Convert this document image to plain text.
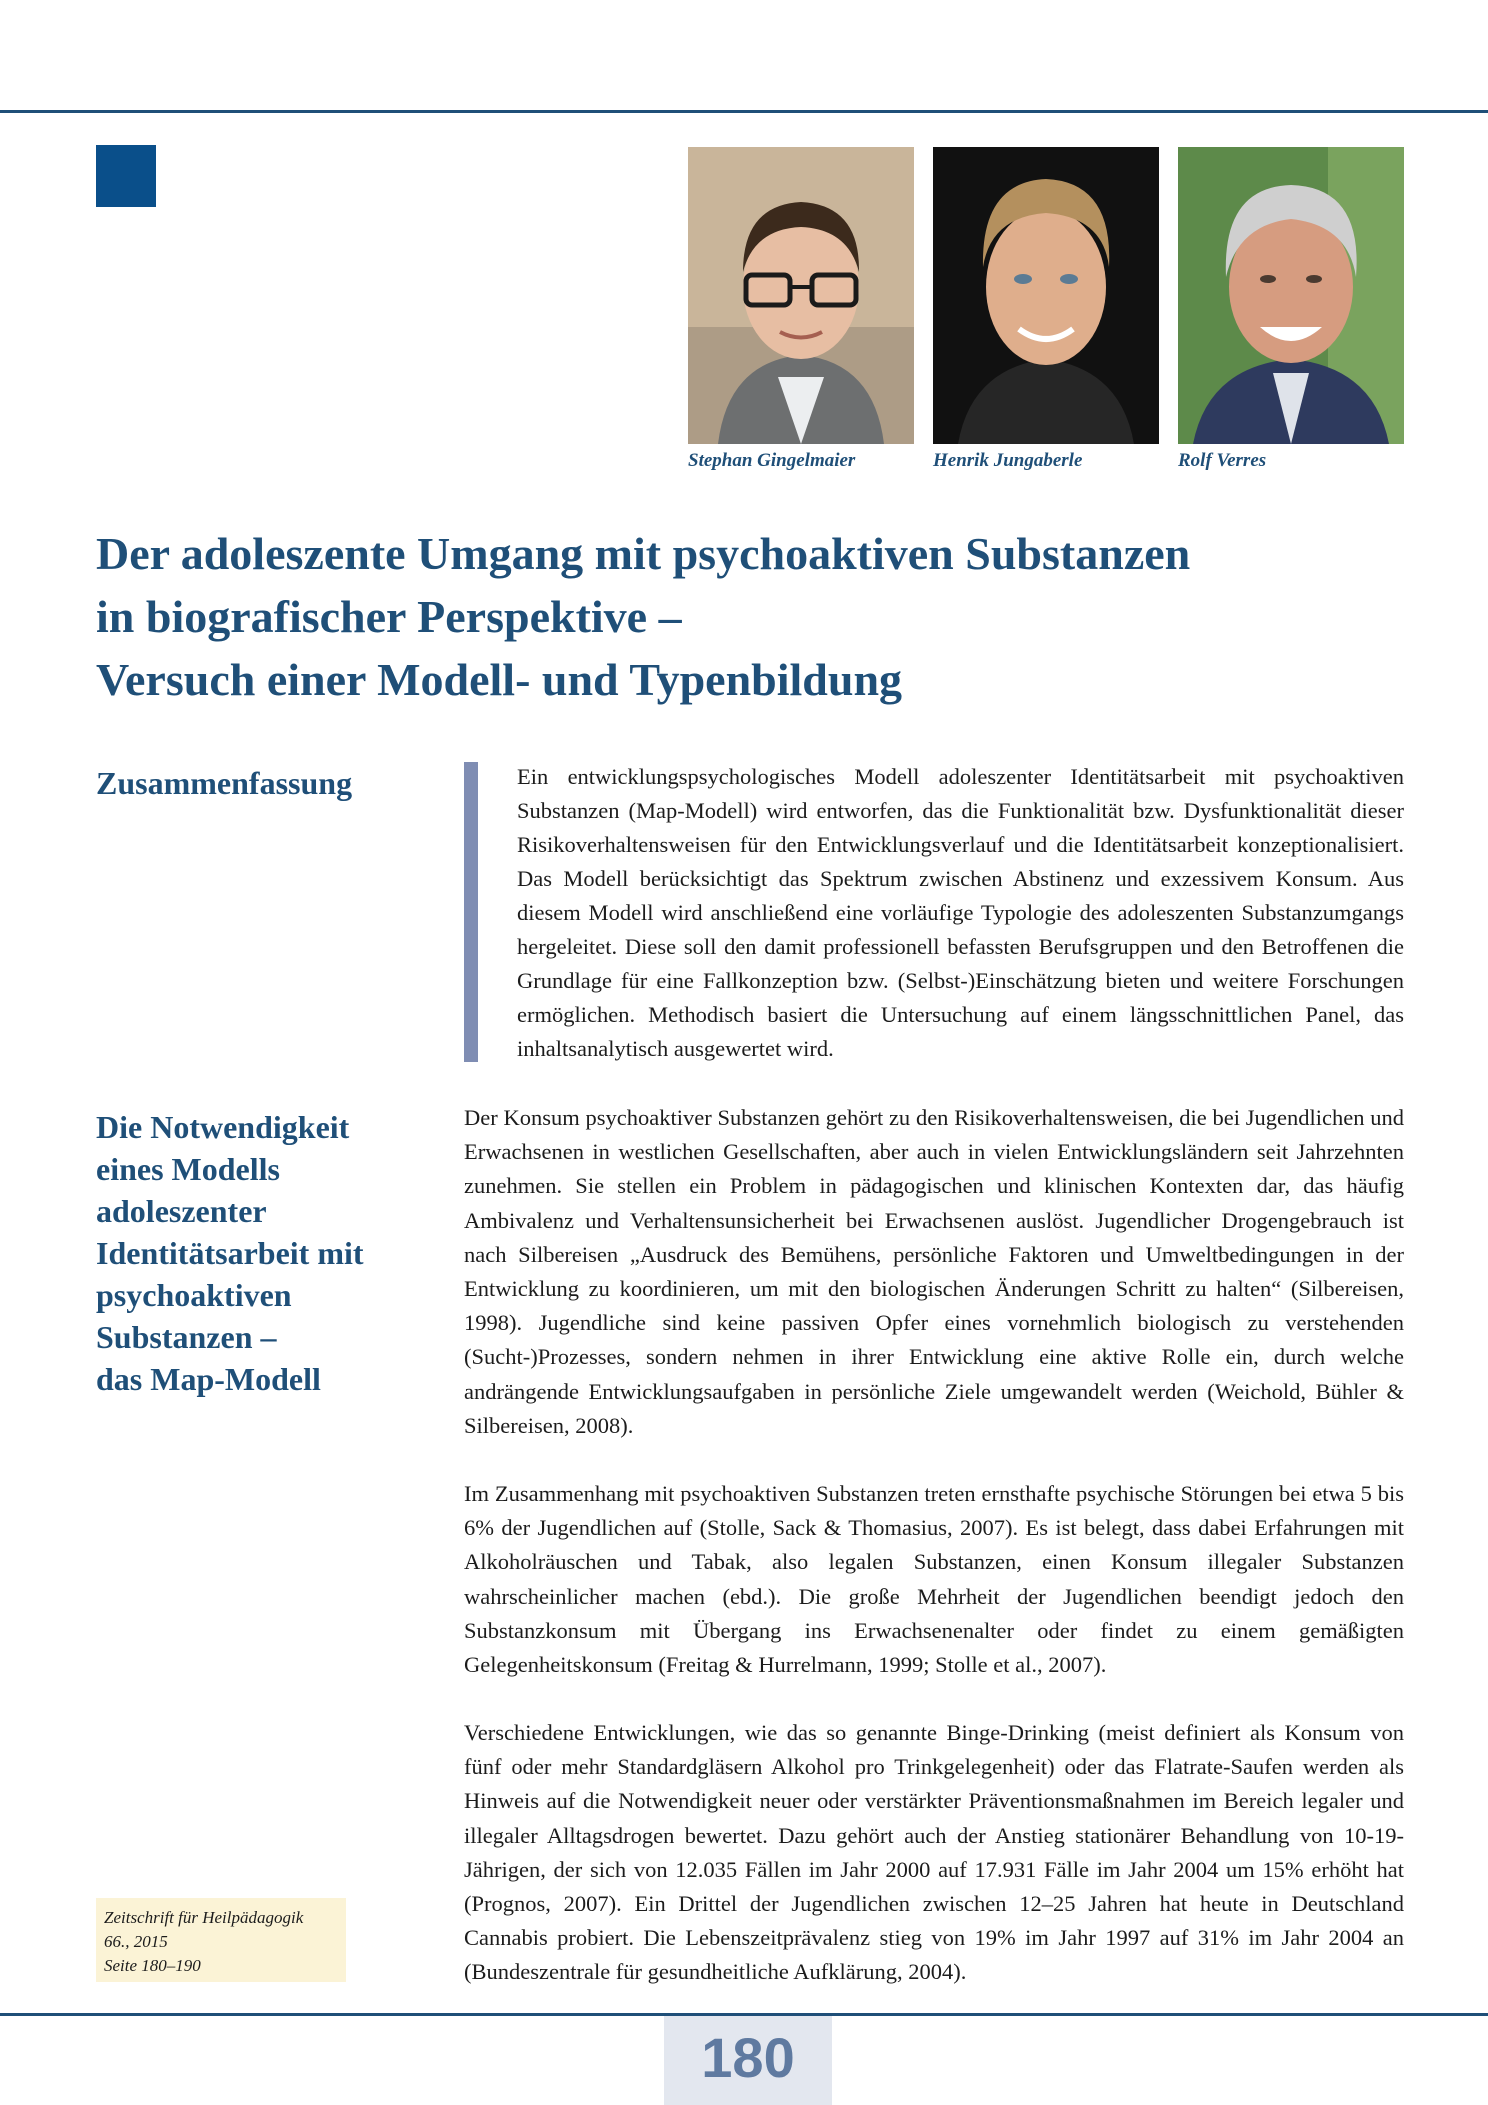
Stephan Gingelmaier	Henrik Jungaberle	Rolf Verres
Der adoleszente Umgang mit psychoaktiven Substanzen
in biografischer Perspektive –
Versuch einer Modell- und Typenbildung
Zusammenfassung	Ein entwicklungspsychologisches Modell adoleszenter Identitätsarbeit mit psychoaktiven Substanzen (Map-Modell) wird entworfen, das die Funktionalität bzw. Dysfunktionalität dieser Risikoverhaltensweisen für den Entwicklungsverlauf und die Identitätsarbeit konzeptionalisiert. Das Modell berücksichtigt das Spektrum zwischen Abstinenz und exzessivem Konsum. Aus diesem Modell wird anschließend eine vorläufige Typologie des adoleszenten Substanzumgangs hergeleitet. Diese soll den damit professionell befassten Berufsgruppen und den Betroffenen die Grundlage für eine Fallkonzeption bzw. (Selbst-)Einschätzung bieten und weitere Forschungen ermöglichen. Methodisch basiert die Untersuchung auf einem längsschnittlichen Panel, das inhaltsanalytisch ausgewertet wird.

Die Notwendigkeit
eines Modells
adoleszenter
Identitätsarbeit mit
psychoaktiven
Substanzen –
das Map-Modell

Der Konsum psychoaktiver Substanzen gehört zu den Risikoverhaltensweisen, die bei Jugendlichen und Erwachsenen in westlichen Gesellschaften, aber auch in vielen Entwicklungsländern seit Jahrzehnten zunehmen. Sie stellen ein Problem in pädagogischen und klinischen Kontexten dar, das häufig Ambivalenz und Verhaltensunsicherheit bei Erwachsenen auslöst. Jugendlicher Drogengebrauch ist nach Silbereisen „Ausdruck des Bemühens, persönliche Faktoren und Umweltbedingungen in der Entwicklung zu koordinieren, um mit den biologischen Änderungen Schritt zu halten“ (Silbereisen, 1998). Jugendliche sind keine passiven Opfer eines vornehmlich biologisch zu verstehenden (Sucht-)Prozesses, sondern nehmen in ihrer Entwicklung eine aktive Rolle ein, durch welche andrängende Entwicklungsaufgaben in persönliche Ziele umgewandelt werden (Weichold, Bühler & Silbereisen, 2008).

Im Zusammenhang mit psychoaktiven Substanzen treten ernsthafte psychische Störungen bei etwa 5 bis 6% der Jugendlichen auf (Stolle, Sack & Thomasius, 2007). Es ist belegt, dass dabei Erfahrungen mit Alkoholräuschen und Tabak, also legalen Substanzen, einen Konsum illegaler Substanzen wahrscheinlicher machen (ebd.). Die große Mehrheit der Jugendlichen beendigt jedoch den Substanzkonsum mit Übergang ins Erwachsenenalter oder findet zu einem gemäßigten Gelegenheitskonsum (Freitag & Hurrelmann, 1999; Stolle et al., 2007).

Verschiedene Entwicklungen, wie das so genannte Binge-Drinking (meist definiert als Konsum von fünf oder mehr Standardgläsern Alkohol pro Trinkgelegenheit) oder das Flatrate-Saufen werden als Hinweis auf die Notwendigkeit neuer oder verstärkter Präventionsmaßnahmen im Bereich legaler und illegaler Alltagsdrogen bewertet. Dazu gehört auch der Anstieg stationärer Behandlung von 10-19-Jährigen, der sich von 12.035 Fällen im Jahr 2000 auf 17.931 Fälle im Jahr 2004 um 15% erhöht hat (Prognos, 2007). Ein Drittel der Jugendlichen zwischen 12–25 Jahren hat heute in Deutschland Cannabis probiert. Die Lebenszeitprävalenz stieg von 19% im Jahr 1997 auf 31% im Jahr 2004 an (Bundeszentrale für gesundheitliche Aufklärung, 2004).

Zeitschrift für Heilpädagogik
66., 2015
Seite 180–190
180
